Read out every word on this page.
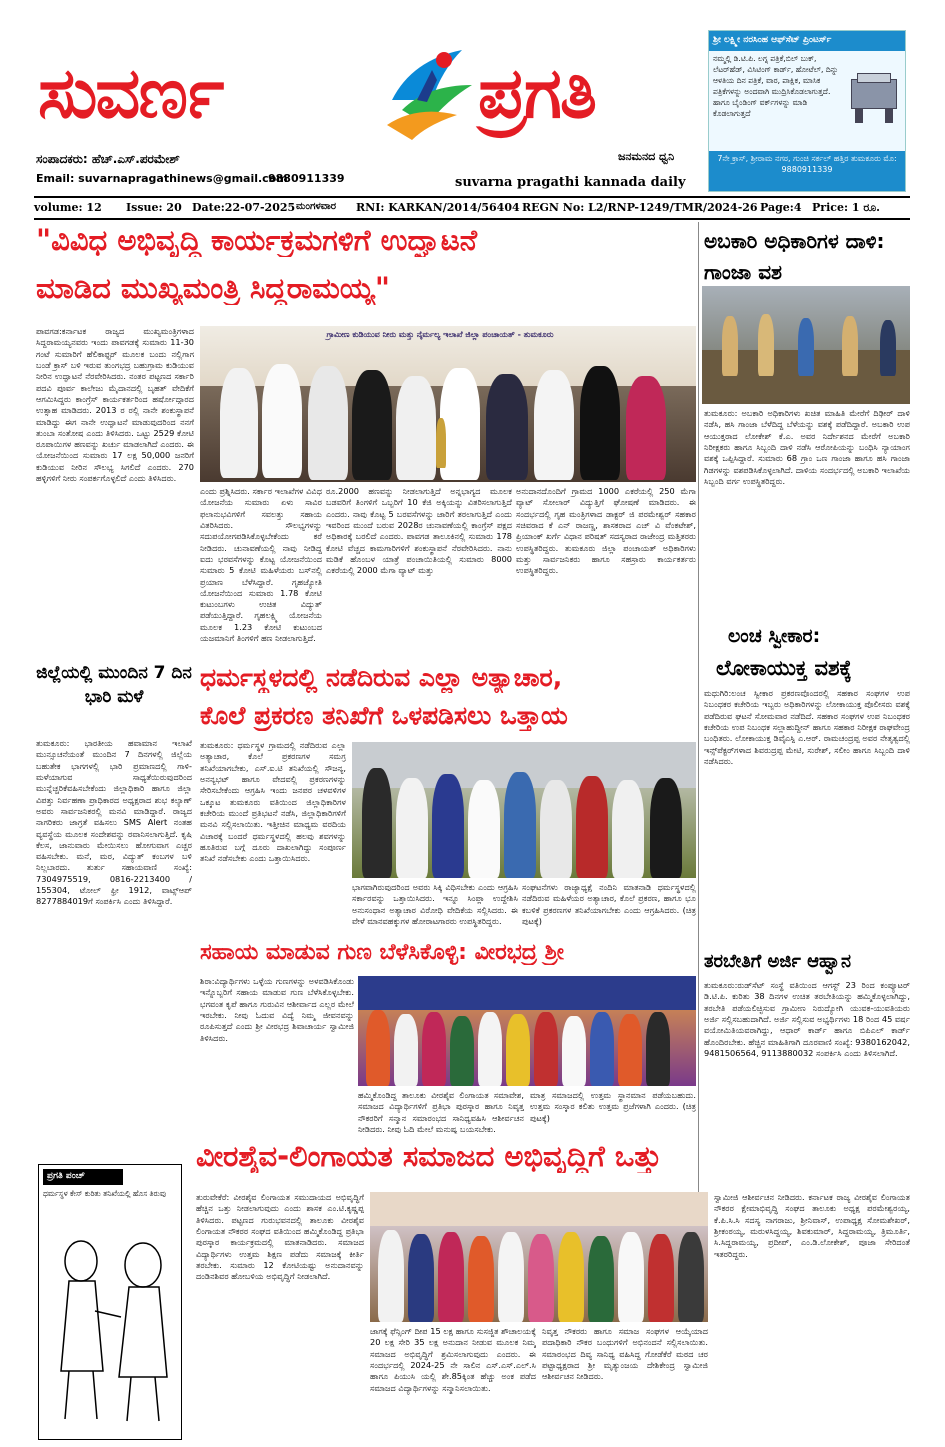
ಸುವರ್ಣ	ಪ್ರಗತಿ
ಸಂಪಾದಕರು: ಹೆಚ್.ಎಸ್.ಪರಮೇಶ್
Email: suvarnapragathinews@gmail.com
9880911339
ಜನಮನದ ಧ್ವನಿ
suvarna pragathi kannada daily
ಶ್ರೀ ಲಕ್ಷ್ಮೀ ನರಸಿಂಹ ಆಫ್‌ಸೆಟ್ ಪ್ರಿಂಟರ್ಸ್
ನಮ್ಮಲ್ಲಿ ಡಿ.ಟಿ.ಪಿ. ಲಗ್ನ ಪತ್ರಿಕೆ,ಬಿಲ್ ಬುಕ್, ಲೆಟರ್‌ಹೆಡ್, ವಿಸಿಟಿಂಗ್ ಕಾರ್ಡ್, ಹೋಟೆಲ್, ದಿನ್ನು ಆಳತಿಯ ದಿನ ಪತ್ರಿಕೆ, ವಾರ, ಪಾಕ್ಷಿಕ, ಮಾಸಿಕ ಪತ್ರಿಕೆಗಳನ್ನು ಅಂದವಾಗಿ ಮುದ್ರಿಸಿಕೊಡಲಾಗುತ್ತದೆ. ಹಾಗೂ ಬೈಂಡಿಂಗ್ ವರ್ಕ್‌ಗಳನ್ನು ಮಾಡಿ ಕೊಡಲಾಗುತ್ತದೆ
7ನೇ ಕ್ರಾಸ್, ಶ್ರೀರಾಮ ನಗರ, ಗುಂಚಿ ಸರ್ಕಲ್ ಹತ್ತಿರ ತುಮಕೂರು ಮೊ: 9880911339
volume: 12 Issue: 20 Date:22-07-2025 ಮಂಗಳವಾರ RNI: KARKAN/2014/56404 REGN No: L2/RNP-1249/TMR/2024-26 Page:4 Price: 1 ರೂ.
"ವಿವಿಧ ಅಭಿವೃದ್ಧಿ ಕಾರ್ಯಕ್ರಮಗಳಿಗೆ ಉದ್ಘಾಟನೆ
ಮಾಡಿದ ಮುಖ್ಯಮಂತ್ರಿ ಸಿದ್ದರಾಮಯ್ಯ"
ಪಾವಗಡ:ಕರ್ನಾಟಕ ರಾಜ್ಯದ ಮುಖ್ಯಮಂತ್ರಿಗಳಾದ ಸಿದ್ದರಾಮಯ್ಯನವರು ಇಂದು ಪಾವಗಡಕ್ಕೆ ಸುಮಾರು 11-30 ಗಂಟೆ ಸುಮಾರಿಗೆ ಹೆಲಿಕಾಫ್ಟರ್ ಮೂಲಕ ಬಂದು ನಲ್ಲಿಗಾಗ ಬಂಡೆ ಕ್ರಾಸ್ ಬಳಿ ಇರುವ ತುಂಗಭದ್ರ ಬಹುಗ್ರಾಮ ಕುಡಿಯುವ ನೀರಿನ ಉದ್ಘಾಟನೆ ನೆರವೇರಿಸಿದರು. ನಂತರ ಪಟ್ಟಣದ ಸರ್ಕಾರಿ ಪದವಿ ಪೂರ್ವ ಕಾಲೇಜು ಮೈದಾನದಲ್ಲಿ ಬೃಹತ್ ವೇದಿಕೆಗೆ ಆಗಮಿಸಿದ್ದರು ಕಾಂಗ್ರೆಸ್ ಕಾರ್ಯಕರ್ತರಿಂದ ಹರ್ಷೋದ್ಗಾರದ ಉತ್ಸಾಹ ಮಾಡಿದರು. 2013 ರ ರಲ್ಲಿ ನಾನೇ ಶಂಕುಸ್ಥಾಪನೆ ಮಾಡಿದ್ದು ಈಗ ನಾನೇ ಉದ್ಘಾಟನೆ ಮಾಡುವುದರಿಂದ ನನಗೆ ತುಂಬಾ ಸಂತೋಷ ಎಂದು ತಿಳಿಸಿದರು. ಒಟ್ಟು 2529 ಕೋಟಿ ರೂಪಾಯಿಗಳ ಹಣವನ್ನು ಖರ್ಚು ಮಾಡಲಾಗಿದೆ ಎಂದರು. ಈ ಯೋಜನೆಯಿಂದ ಸುಮಾರು 17 ಲಕ್ಷ 50,000 ಜನರಿಗೆ ಕುಡಿಯುವ ನೀರಿನ ಸೌಲಭ್ಯ ಸಿಗಲಿದೆ ಎಂದರು. 270 ಹಳ್ಳಿಗಳಿಗೆ ನೀರು ಸಂಪರ್ಕಗೊಳ್ಳಲಿದೆ ಎಂದು ತಿಳಿಸಿದರು.
ಗ್ರಾಮೀಣ ಕುಡಿಯುವ ನೀರು ಮತ್ತು ನೈರ್ಮಲ್ಯ ಇಲಾಖೆ ಜಿಲ್ಲಾ ಪಂಚಾಯತ್ - ತುಮಕೂರು
ಎಂದು ಪ್ರಶ್ನಿಸಿದರು. ಸರ್ಕಾರ ಇಲಾಖೆಗಳ ವಿವಿಧ ಯೋಜನೆಯ ಸುಮಾರು ಏಳು ಸಾವಿರ ಫಲಾನುಭವಿಗಳಿಗೆ ಸವಲತ್ತು ಸಹಾಯ ವಿತರಿಸಿದರು. ಸೌಲಭ್ಯಗಳನ್ನು ಸದುಪಯೋಗಪಡಿಸಿಕೊಳ್ಳಬೇಕೆಂದು ಕರೆ ನೀಡಿದರು. ಚುನಾವಣೆಯಲ್ಲಿ ನಾವು ನೀಡಿದ್ದ ಐದು ಭರವಸೆಗಳನ್ನು ಕೊಟ್ಟ ಯೋಜನೆಯಿಂದ ಸುಮಾರು 5 ಕೋಟಿ ಮಹಿಳೆಯರು ಬಸ್‌ನಲ್ಲಿ ಪ್ರಯಾಣ ಬೆಳೆಸಿದ್ದಾರೆ. ಗೃಹಜ್ಯೋತಿ ಯೋಜನೆಯಿಂದ ಸುಮಾರು 1.78 ಕೋಟಿ ಕುಟುಂಬಗಳು ಉಚಿತ ವಿದ್ಯುತ್ ಪಡೆಯುತ್ತಿದ್ದಾರೆ. ಗೃಹಲಕ್ಷ್ಮಿ ಯೋಜನೆಯ ಮೂಲಕ 1.23 ಕೋಟಿ ಕುಟುಂಬದ ಯಜಮಾನಿಗೆ ತಿಂಗಳಿಗೆ ಹಣ ನೀಡಲಾಗುತ್ತಿದೆ.
ರೂ.2000 ಹಣವನ್ನು ನೀಡಲಾಗುತ್ತಿದೆ ಅನ್ನಭಾಗ್ಯದ ಮೂಲಕ ಬಡವರಿಗೆ ತಿಂಗಳಿಗೆ ಒಬ್ಬರಿಗೆ 10 ಕೆಜಿ ಅಕ್ಕಿಯನ್ನು ವಿತರಿಸಲಾಗುತ್ತಿದೆ ಎಂದರು. ನಾವು ಕೊಟ್ಟ 5 ಬರವಸೆಗಳನ್ನು ಜಾರಿಗೆ ತರಲಾಗುತ್ತಿದೆ ಎಂದು ಇವರಿಂದ ಮುಂದೆ ಬರುವ 2028ರ ಚುನಾವಣೆಯಲ್ಲಿ ಕಾಂಗ್ರೆಸ್ ಪಕ್ಷದ ಅಧಿಕಾರಕ್ಕೆ ಬರಲಿದೆ ಎಂದರು. ಪಾವಗಡ ತಾಲೂಕಿನಲ್ಲಿ ಸುಮಾರು 178 ಕೋಟಿ ವೆಚ್ಚದ ಕಾಮಗಾರಿಗಳಿಗೆ ಶಂಕುಸ್ಥಾಪನೆ ನೆರವೇರಿಸಿದರು. ನಾನು ಮಡಿಕೆ ಹೊಂಬಳ ಯಾತ್ರೆ ಪಂಚಾಯಿತಿಯಲ್ಲಿ ಸುಮಾರು 8000 ಎಕರೆಯಲ್ಲಿ 2000 ಮೆಗಾ ವ್ಯಾಟ್ ಮತ್ತು
ಅನುದಾನದೊಂದಿಗೆ ಗ್ರಾಮದ 1000 ಎಕರೆಯಲ್ಲಿ 250 ಮೆಗಾ ವ್ಯಾಟ್ ಸೋಲಾರ್ ವಿದ್ಯುತ್ತಿಗೆ ಘೋಷಣೆ ಮಾಡಿದರು. ಈ ಸಂದರ್ಭದಲ್ಲಿ ಗೃಹ ಮಂತ್ರಿಗಳಾದ ಡಾಕ್ಟರ್ ಜಿ ಪರಮೇಶ್ವರ್ ಸಹಕಾರ ಸಚಿವರಾದ ಕೆ ಎನ್ ರಾಜಣ್ಣ, ಶಾಸಕರಾದ ಎಚ್ ವಿ ವೆಂಕಟೇಶ್, ಪ್ರಿಯಾಂಕ್ ಖರ್ಗೆ ವಿಧಾನ ಪರಿಷತ್ ಸದಸ್ಯರಾದ ರಾಜೇಂದ್ರ ಮತ್ತಿತರರು ಉಪಸ್ಥಿತರಿದ್ದರು. ತುಮಕೂರು ಜಿಲ್ಲಾ ಪಂಚಾಯತ್ ಅಧಿಕಾರಿಗಳು ಮತ್ತು ಸಾರ್ವಜನಿಕರು ಹಾಗೂ ಸಹಸ್ರಾರು ಕಾರ್ಯಕರ್ತರು ಉಪಸ್ಥಿತರಿದ್ದರು.
ಅಬಕಾರಿ ಅಧಿಕಾರಿಗಳ ದಾಳಿ: ಗಾಂಜಾ ವಶ
ತುಮಕೂರು: ಅಬಕಾರಿ ಅಧಿಕಾರಿಗಳು ಖಚಿತ ಮಾಹಿತಿ ಮೇರೆಗೆ ದಿಢೀರ್ ದಾಳಿ ನಡೆಸಿ, ಹಸಿ ಗಾಂಜಾ ಬೆಳೆದಿದ್ದ ಬೆಳೆಯನ್ನು ವಶಕ್ಕೆ ಪಡೆದಿದ್ದಾರೆ. ಅಬಕಾರಿ ಉಪ ಆಯುಕ್ತರಾದ ಲೋಕೇಶ್ ಕೆ.ಎ. ಅವರ ನಿರ್ದೇಶನದ ಮೇರೆಗೆ ಅಬಕಾರಿ ನಿರೀಕ್ಷಕರು ಹಾಗೂ ಸಿಬ್ಬಂದಿ ದಾಳಿ ನಡೆಸಿ ಆರೋಪಿಯನ್ನು ಬಂಧಿಸಿ ನ್ಯಾಯಾಂಗ ವಶಕ್ಕೆ ಒಪ್ಪಿಸಿದ್ದಾರೆ. ಸುಮಾರು 68 ಗ್ರಾಂ ಒಣ ಗಾಂಜಾ ಹಾಗೂ ಹಸಿ ಗಾಂಜಾ ಗಿಡಗಳನ್ನು ವಶಪಡಿಸಿಕೊಳ್ಳಲಾಗಿದೆ. ದಾಳಿಯ ಸಂದರ್ಭದಲ್ಲಿ ಅಬಕಾರಿ ಇಲಾಖೆಯ ಸಿಬ್ಬಂದಿ ವರ್ಗ ಉಪಸ್ಥಿತರಿದ್ದರು.
ಲಂಚ ಸ್ವೀಕಾರ:
ಲೋಕಾಯುಕ್ತ ವಶಕ್ಕೆ
ಮಧುಗಿರಿ:ಲಂಚ ಸ್ವೀಕಾರ ಪ್ರಕರಣವೊಂದರಲ್ಲಿ ಸಹಕಾರ ಸಂಘಗಳ ಉಪ ನಿಬಂಧಕರ ಕಚೇರಿಯ ಇಬ್ಬರು ಅಧಿಕಾರಿಗಳನ್ನು ಲೋಕಾಯುಕ್ತ ಪೊಲೀಸರು ವಶಕ್ಕೆ ಪಡೆದಿರುವ ಘಟನೆ ಸೋಮವಾರ ನಡೆದಿದೆ. ಸಹಕಾರ ಸಂಘಗಳ ಉಪ ನಿಬಂಧಕರ ಕಚೇರಿಯ ಉಪ ನಿಬಂಧಕ ಸಲ್ಲಾಹುದ್ದೀನ್ ಹಾಗೂ ಸಹಕಾರ ನಿರೀಕ್ಷಕ ರಾಘವೇಂದ್ರ ಬಂಧಿತರು. ಲೋಕಾಯುಕ್ತ ಡಿವೈಎಸ್ಪಿ ಎ.ಆರ್. ರಾಮಚಂದ್ರಪ್ಪ ಅವರ ನೇತೃತ್ವದಲ್ಲಿ ಇನ್ಸ್‌ಪೆಕ್ಟರ್‌ಗಳಾದ ಶಿವರುದ್ರಪ್ಪ ಮೇಟಿ, ಸುರೇಶ್, ಸಲೀಂ ಹಾಗೂ ಸಿಬ್ಬಂದಿ ದಾಳಿ ನಡೆಸಿದರು.
ತರಬೇತಿಗೆ ಅರ್ಜಿ ಆಹ್ವಾನ
ತುಮಕೂರು:ರುಡ್‌ಸೆಟ್ ಸಂಸ್ಥೆ ವತಿಯಿಂದ ಆಗಸ್ಟ್ 23 ರಿಂದ ಕಂಪ್ಯೂಟರ್ ಡಿ.ಟಿ.ಪಿ. ಕುರಿತು 38 ದಿನಗಳ ಉಚಿತ ತರಬೇತಿಯನ್ನು ಹಮ್ಮಿಕೊಳ್ಳಲಾಗಿದ್ದು, ತರಬೇತಿ ಪಡೆಯಲಿಚ್ಛಿಸುವ ಗ್ರಾಮೀಣ ನಿರುದ್ಯೋಗಿ ಯುವಕ-ಯುವತಿಯರು ಅರ್ಜಿ ಸಲ್ಲಿಸಬಹುದಾಗಿದೆ. ಅರ್ಜಿ ಸಲ್ಲಿಸುವ ಅಭ್ಯರ್ಥಿಗಳು 18 ರಿಂದ 45 ವರ್ಷ ವಯೋಮಿತಿಯವರಾಗಿದ್ದು, ಆಧಾರ್ ಕಾರ್ಡ್ ಹಾಗೂ ಬಿಪಿಎಲ್ ಕಾರ್ಡ್ ಹೊಂದಿರಬೇಕು. ಹೆಚ್ಚಿನ ಮಾಹಿತಿಗಾಗಿ ದೂರವಾಣಿ ಸಂಖ್ಯೆ: 9380162042, 9481506564, 9113880032 ಸಂಪರ್ಕಿಸಿ ಎಂದು ತಿಳಿಸಲಾಗಿದೆ.
ಜಿಲ್ಲೆಯಲ್ಲಿ ಮುಂದಿನ 7 ದಿನ ಭಾರಿ ಮಳೆ
ತುಮಕೂರು: ಭಾರತೀಯ ಹವಾಮಾನ ಇಲಾಖೆ ಮುನ್ಸೂಚನೆಯಂತೆ ಮುಂದಿನ 7 ದಿನಗಳಲ್ಲಿ ಜಿಲ್ಲೆಯ ಬಹುತೇಕ ಭಾಗಗಳಲ್ಲಿ ಭಾರಿ ಪ್ರಮಾಣದಲ್ಲಿ ಗಾಳಿ-ಮಳೆಯಾಗುವ ಸಾಧ್ಯತೆಯಿರುವುದರಿಂದ ಮುನ್ನೆಚ್ಚರಿಕೆವಹಿಸಬೇಕೆಂದು ಜಿಲ್ಲಾಧಿಕಾರಿ ಹಾಗೂ ಜಿಲ್ಲಾ ವಿಪತ್ತು ನಿರ್ವಹಣಾ ಪ್ರಾಧಿಕಾರದ ಅಧ್ಯಕ್ಷರಾದ ಶುಭ ಕಲ್ಯಾಣ್ ಅವರು ಸಾರ್ವಜನಿಕರಲ್ಲಿ ಮನವಿ ಮಾಡಿದ್ದಾರೆ. ರಾಜ್ಯದ ನಾಗರಿಕರು ಜಾಗ್ರತೆ ವಹಿಸಲು SMS Alert ನಂತಹ ವ್ಯವಸ್ಥೆಯ ಮೂಲಕ ಸಂದೇಶವನ್ನು ರವಾನಿಸಲಾಗುತ್ತಿದೆ. ಕೃಷಿ ಕೆಲಸ, ಜಾನುವಾರು ಮೇಯಿಸಲು ಹೋಗುವಾಗ ಎಚ್ಚರ ವಹಿಸಬೇಕು. ಮನೆ, ಮರ, ವಿದ್ಯುತ್ ಕಂಬಗಳ ಬಳಿ ನಿಲ್ಲಬಾರದು. ತುರ್ತು ಸಹಾಯವಾಣಿ ಸಂಖ್ಯೆ: 7304975519, 0816-2213400 / 155304, ಟೋಲ್ ಫ್ರೀ 1912, ವಾಟ್ಸ್‌ಆಪ್ 8277884019ಗೆ ಸಂಪರ್ಕಿಸಿ ಎಂದು ತಿಳಿಸಿದ್ದಾರೆ.
ಪ್ರಗತಿ ಪಂಚ್
ಧರ್ಮಸ್ಥಳ ಕೇಸ್ ಕುರಿತು ತನಿಖೆಯಲ್ಲಿ ಹೊಸ ತಿರುವು
ಧರ್ಮಸ್ಥಳದಲ್ಲಿ ನಡೆದಿರುವ ಎಲ್ಲಾ ಅತ್ಯಾಚಾರ,
ಕೊಲೆ ಪ್ರಕರಣ ತನಿಖೆಗೆ ಒಳಪಡಿಸಲು ಒತ್ತಾಯ
ತುಮಕೂರು: ಧರ್ಮಸ್ಥಳ ಗ್ರಾಮದಲ್ಲಿ ನಡೆದಿರುವ ಎಲ್ಲಾ ಅತ್ಯಾಚಾರ, ಕೊಲೆ ಪ್ರಕರಣಗಳ ಸಮಗ್ರ ತನಿಖೆಯಾಗಬೇಕು, ಎಸ್.ಐ.ಟಿ ತನಿಖೆಯಲ್ಲಿ ಸೌಜನ್ಯ, ಅನನ್ಯಭಟ್ ಹಾಗೂ ವೇದವಲ್ಲಿ ಪ್ರಕರಣಗಳನ್ನು ಸೇರಿಸಬೇಕೆಂದು ಆಗ್ರಹಿಸಿ ಇಂದು ಜನಪರ ಚಳವಳಿಗಳ ಒಕ್ಕೂಟ ತುಮಕೂರು ವತಿಯಿಂದ ಜಿಲ್ಲಾಧಿಕಾರಿಗಳ ಕಚೇರಿಯ ಮುಂದೆ ಪ್ರತಿಭಟನೆ ನಡೆಸಿ, ಜಿಲ್ಲಾಧಿಕಾರಿಗಳಿಗೆ ಮನವಿ ಸಲ್ಲಿಸಲಾಯಿತು. ಇತ್ತೀಚಿನ ಮಾಧ್ಯಮ ವರದಿಯ ವಿಚಾರಕ್ಕೆ ಬಂದರೆ ಧರ್ಮಸ್ಥಳದಲ್ಲಿ ಹಲವು ಶವಗಳನ್ನು ಹೂತಿರುವ ಬಗ್ಗೆ ದೂರು ದಾಖಲಾಗಿದ್ದು ಸಂಪೂರ್ಣ ತನಿಖೆ ನಡೆಸಬೇಕು ಎಂದು ಒತ್ತಾಯಿಸಿದರು.
ಭಾಗವಾಗಿರುವುದರಿಂದ ಅವರು ಸಿಕ್ಕಿ ವಿಧಿಸಬೇಕು ಎಂದು ಆಗ್ರಹಿಸಿ ಸರ್ಕಾರವನ್ನು ಒತ್ತಾಯಿಸಿದರು. ಇನ್ನೂ ಸಿಂಪ್ಲಾ ಉದ್ದೇಶಿಸಿ ಅನುಸಂಧಾನ ಅತ್ಯಾಚಾರ ವಿರೋಧಿ ವೇದಿಕೆಯ ಸಲ್ಲಿಸಿದರು. ಈ ವೇಳೆ ಮಾನವಹಕ್ಕುಗಳ ಹೋರಾಟಗಾರರು ಉಪಸ್ಥಿತರಿದ್ದರು.
ಸಂಘಟನೆಗಳು ರಾಜ್ಯಾಧ್ಯಕ್ಷೆ ನಂದಿನಿ ಮಾತನಾಡಿ ಧರ್ಮಸ್ಥಳದಲ್ಲಿ ನಡೆದಿರುವ ಮಹಿಳೆಯರ ಅತ್ಯಾಚಾರ, ಕೊಲೆ ಪ್ರಕರಣ, ಹಾಗೂ ಭೂ ಕಬಳಿಕೆ ಪ್ರಕರಣಗಳ ತನಿಖೆಯಾಗಬೇಕು ಎಂದು ಆಗ್ರಹಿಸಿದರು. (ಚಿತ್ರ ಪುಟಕ್ಕೆ)
ಸಹಾಯ ಮಾಡುವ ಗುಣ ಬೆಳೆಸಿಕೊಳ್ಳಿ: ವೀರಭದ್ರ ಶ್ರೀ
ಶಿರಾ:ವಿದ್ಯಾರ್ಥಿಗಳು ಒಳ್ಳೆಯ ಗುಣಗಳನ್ನು ಅಳವಡಿಸಿಕೊಂಡು ಇನ್ನೊಬ್ಬರಿಗೆ ಸಹಾಯ ಮಾಡುವ ಗುಣ ಬೆಳೆಸಿಕೊಳ್ಳಬೇಕು. ಭಗವಂತ ಕೃಪೆ ಹಾಗೂ ಗುರುವಿನ ಆಶೀರ್ವಾದ ಎಲ್ಲರ ಮೇಲೆ ಇರಬೇಕು. ನೀವು ಓದುವ ವಿದ್ಯೆ ನಿಮ್ಮ ಜೀವನವನ್ನು ರೂಪಿಸುತ್ತದೆ ಎಂದು ಶ್ರೀ ವೀರಭದ್ರ ಶಿವಾಚಾರ್ಯ ಸ್ವಾಮೀಜಿ ತಿಳಿಸಿದರು.
ಹಮ್ಮಿಕೊಂಡಿದ್ದ ತಾಲೂಕು ವೀರಶೈವ ಲಿಂಗಾಯತ ಸಮಾವೇಶ, ಸಮಾಜದ ವಿದ್ಯಾರ್ಥಿಗಳಿಗೆ ಪ್ರತಿಭಾ ಪುರಸ್ಕಾರ ಹಾಗೂ ನಿವೃತ್ತ ನೌಕರರಿಗೆ ಸನ್ಮಾನ ಸಮಾರಂಭದ ಸಾನಿಧ್ಯವಹಿಸಿ ಆಶೀರ್ವಚನ ನೀಡಿದರು. ನೀವು ಓದಿ ಮೇಲೆ ಮನುಷ್ಯ ಬಯಸಬೇಕು.
ಮಾತ್ರ ಸಮಾಜದಲ್ಲಿ ಉತ್ತಮ ಸ್ಥಾನಮಾನ ಪಡೆಯಬಹುದು. ಉತ್ತಮ ಸಂಸ್ಕಾರ ಕಲಿತು ಉತ್ತಮ ಪ್ರಜೆಗಳಾಗಿ ಎಂದರು. (ಚಿತ್ರ ಪುಟಕ್ಕೆ)
ವೀರಶೈವ-ಲಿಂಗಾಯತ ಸಮಾಜದ ಅಭಿವೃದ್ಧಿಗೆ ಒತ್ತು
ತುರುವೇಕೆರೆ: ವೀರಶೈವ ಲಿಂಗಾಯತ ಸಮುದಾಯದ ಅಭಿವೃದ್ಧಿಗೆ ಹೆಚ್ಚಿನ ಒತ್ತು ನೀಡಲಾಗುವುದು ಎಂದು ಶಾಸಕ ಎಂ.ಟಿ.ಕೃಷ್ಣಪ್ಪ ತಿಳಿಸಿದರು. ಪಟ್ಟಣದ ಗುರುಭವನದಲ್ಲಿ ತಾಲೂಕು ವೀರಶೈವ ಲಿಂಗಾಯತ ನೌಕರರ ಸಂಘದ ವತಿಯಿಂದ ಹಮ್ಮಿಕೊಂಡಿದ್ದ ಪ್ರತಿಭಾ ಪುರಸ್ಕಾರ ಕಾರ್ಯಕ್ರಮದಲ್ಲಿ ಮಾತನಾಡಿದರು. ಸಮಾಜದ ವಿದ್ಯಾರ್ಥಿಗಳು ಉತ್ತಮ ಶಿಕ್ಷಣ ಪಡೆದು ಸಮಾಜಕ್ಕೆ ಕೀರ್ತಿ ತರಬೇಕು. ಸುಮಾರು 12 ಕೋಟಿಯಷ್ಟು ಅನುದಾನವನ್ನು ದಂಡಿನಶಿವರ ಹೋಬಳಿಯ ಅಭಿವೃದ್ಧಿಗೆ ನೀಡಲಾಗಿದೆ.
ಜಾಗಕ್ಕೆ ಫೆನ್ಸಿಂಗ್ ದೀಪ 15 ಲಕ್ಷ ಹಾಗೂ ಸುಸಜ್ಜಿತ ಶೌಚಾಲಯಕ್ಕೆ 20 ಲಕ್ಷ ಸೇರಿ 35 ಲಕ್ಷ ಅನುದಾನ ನೀಡುವ ಮೂಲಕ ನಿಮ್ಮ ಸಮಾಜದ ಅಭಿವೃದ್ಧಿಗೆ ಶ್ರಮಿಸಲಾಗುವುದು ಎಂದರು. ಈ ಸಂದರ್ಭದಲ್ಲಿ 2024-25 ನೇ ಸಾಲಿನ ಎಸ್.ಎಸ್.ಎಲ್.ಸಿ ಹಾಗೂ ಪಿಯುಸಿ ಯಲ್ಲಿ ಶೇ.85ಕ್ಕಿಂತ ಹೆಚ್ಚು ಅಂಕ ಪಡೆದ ಸಮಾಜದ ವಿದ್ಯಾರ್ಥಿಗಳನ್ನು ಸನ್ಮಾನಿಸಲಾಯಿತು.
ನಿವೃತ್ತ ನೌಕರರು ಹಾಗೂ ಸಮಾಜ ಸಂಘಗಳ ಆಯ್ಕೆಯಾದ ಪದಾಧಿಕಾರಿ ನೌಕರ ಬಂಧುಗಳಿಗೆ ಅಭಿನಂದನೆ ಸಲ್ಲಿಸಲಾಯಿತು. ಸಮಾರಂಭದ ದಿವ್ಯ ಸಾನಿಧ್ಯ ವಹಿಸಿದ್ದ ಗೋಡೆಕೆರೆ ಮಠದ ಚರ ಪಟ್ಟಾಧ್ಯಕ್ಷರಾದ ಶ್ರೀ ಮೃತ್ಯುಂಜಯ ದೇಶಿಕೇಂದ್ರ ಸ್ವಾಮೀಜಿ ಆಶೀರ್ವಚನ ನೀಡಿದರು.
ಸ್ವಾಮೀಜಿ ಆಶೀರ್ವಚನ ನೀಡಿದರು. ಕರ್ನಾಟಕ ರಾಜ್ಯ ವೀರಶೈವ ಲಿಂಗಾಯತ ನೌಕರರ ಕ್ಷೇಮಾಭಿವೃದ್ಧಿ ಸಂಘದ ತಾಲೂಕು ಅಧ್ಯಕ್ಷ ಪರಮೇಶ್ವರಯ್ಯ, ಕೆ.ಪಿ.ಸಿ.ಸಿ ಸದಸ್ಯ ನಾಗರಾಜು, ಶ್ರೀನಿವಾಸ್, ಉಪಾಧ್ಯಕ್ಷ ಸೋಮಶೇಖರ್, ಶ್ರೀಕಂಠಯ್ಯ, ಮರುಳಸಿದ್ದಯ್ಯ, ಶಿವಕುಮಾರ್, ಸಿದ್ದರಾಮಯ್ಯ, ತ್ರಿಮೂರ್ತಿ, ಸಿ.ಸಿದ್ದರಾಮಯ್ಯ, ಪ್ರದೀಪ್, ಎಂ.ಡಿ.ಲೋಕೇಶ್, ಪೂಜಾ ಸೇರಿದಂತೆ ಇತರರಿದ್ದರು.
